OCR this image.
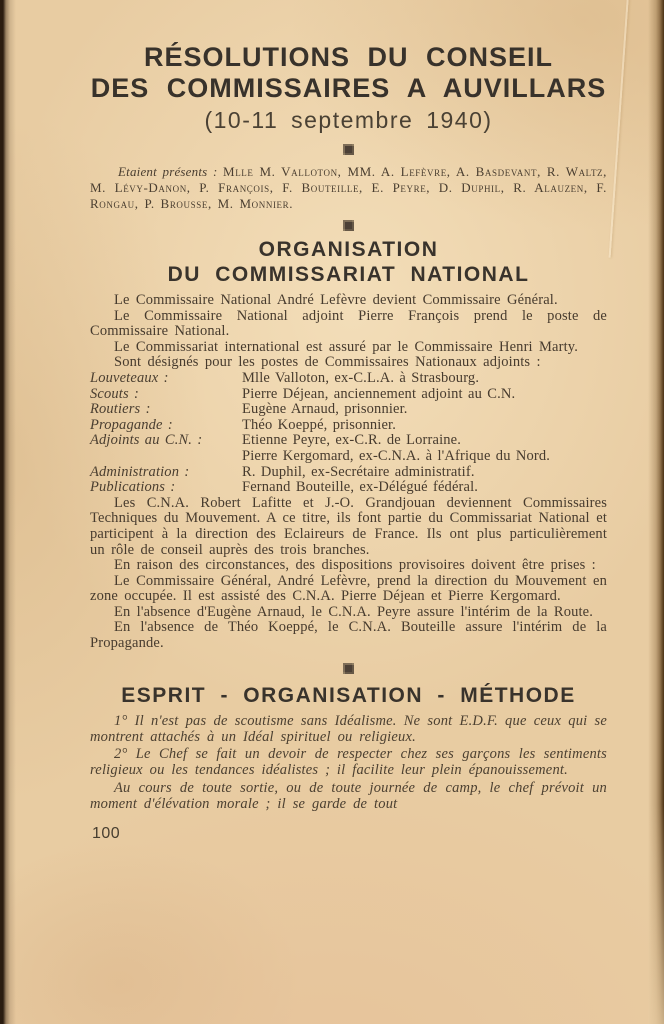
RÉSOLUTIONS DU CONSEIL
DES COMMISSAIRES A AUVILLARS
(10-11 septembre 1940)

Etaient présents : Mlle M. Valloton, MM. A. Lefèvre, A. Basdevant, R. Waltz, M. Lévy-Danon, P. François, F. Bouteille, E. Peyre, D. Duphil, R. Alauzen, F. Rongau, P. Brousse, M. Monnier.

ORGANISATION
DU COMMISSARIAT NATIONAL

Le Commissaire National André Lefèvre devient Commissaire Général.

Le Commissaire National adjoint Pierre François prend le poste de Commissaire National.

Le Commissariat international est assuré par le Commissaire Henri Marty.

Sont désignés pour les postes de Commissaires Nationaux adjoints :

Louveteaux :	Mlle Valloton, ex-C.L.A. à Strasbourg.
Scouts :	Pierre Déjean, anciennement adjoint au C.N.
Routiers :	Eugène Arnaud, prisonnier.
Propagande :	Théo Koeppé, prisonnier.
Adjoints au C.N. :	Etienne Peyre, ex-C.R. de Lorraine.
Pierre Kergomard, ex-C.N.A. à l'Afrique du Nord.
Administration :	R. Duphil, ex-Secrétaire administratif.
Publications :	Fernand Bouteille, ex-Délégué fédéral.

Les C.N.A. Robert Lafitte et J.-O. Grandjouan deviennent Commissaires Techniques du Mouvement. A ce titre, ils font partie du Commissariat National et participent à la direction des Eclaireurs de France. Ils ont plus particulièrement un rôle de conseil auprès des trois branches.

En raison des circonstances, des dispositions provisoires doivent être prises :

Le Commissaire Général, André Lefèvre, prend la direction du Mouvement en zone occupée. Il est assisté des C.N.A. Pierre Déjean et Pierre Kergomard.

En l'absence d'Eugène Arnaud, le C.N.A. Peyre assure l'intérim de la Route.

En l'absence de Théo Koeppé, le C.N.A. Bouteille assure l'intérim de la Propagande.

ESPRIT - ORGANISATION - MÉTHODE

1° Il n'est pas de scoutisme sans Idéalisme. Ne sont E.D.F. que ceux qui se montrent attachés à un Idéal spirituel ou religieux.

2° Le Chef se fait un devoir de respecter chez ses garçons les sentiments religieux ou les tendances idéalistes ; il facilite leur plein épanouissement.

Au cours de toute sortie, ou de toute journée de camp, le chef prévoit un moment d'élévation morale ; il se garde de tout

100
